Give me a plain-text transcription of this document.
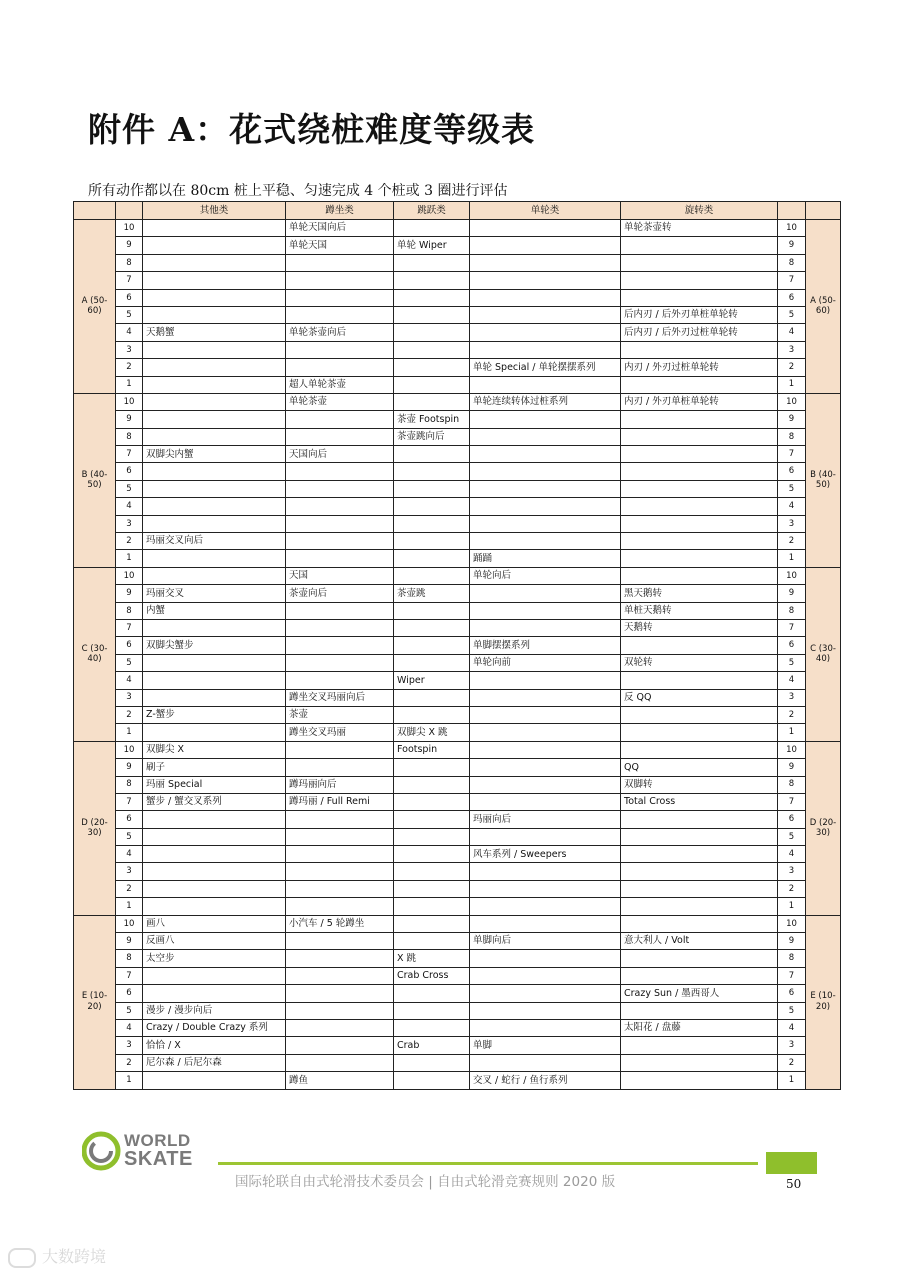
附件 A：花式绕桩难度等级表
所有动作都以在 80cm 桩上平稳、匀速完成 4 个桩或 3 圈进行评估
		其他类	蹲坐类	跳跃类	单轮类	旋转类		
A (50-60)	10		单轮天国向后			单轮茶壶转	10	A (50-60)
	9		单轮天国	单轮 Wiper			9	
	8						8	
	7						7	
	6						6	
	5					后内刃 / 后外刃单桩单轮转	5	
	4	天鹅蟹	单轮茶壶向后			后内刃 / 后外刃过桩单轮转	4	
	3						3	
	2				单轮 Special / 单轮摆摆系列	内刃 / 外刃过桩单轮转	2	
	1		超人单轮茶壶				1	
B (40-50)	10		单轮茶壶		单轮连续转体过桩系列	内刃 / 外刃单桩单轮转	10	B (40-50)
	9			茶壶 Footspin			9	
	8			茶壶跳向后			8	
	7	双脚尖内蟹	天国向后				7	
	6						6	
	5						5	
	4						4	
	3						3	
	2	玛丽交叉向后					2	
	1				踊踊		1	
C (30-40)	10		天国		单轮向后		10	C (30-40)
	9	玛丽交叉	茶壶向后	茶壶跳		黑天鹅转	9	
	8	内蟹				单桩天鹅转	8	
	7					天鹅转	7	
	6	双脚尖蟹步			单脚摆摆系列		6	
	5				单轮向前	双轮转	5	
	4			Wiper			4	
	3		蹲坐交叉玛丽向后			反 QQ	3	
	2	Z-蟹步	茶壶				2	
	1		蹲坐交叉玛丽	双脚尖 X 跳			1	
D (20-30)	10	双脚尖 X		Footspin			10	D (20-30)
	9	刷子				QQ	9	
	8	玛丽 Special	蹲玛丽向后			双脚转	8	
	7	蟹步 / 蟹交叉系列	蹲玛丽 / Full Remi			Total Cross	7	
	6				玛丽向后		6	
	5						5	
	4				风车系列 / Sweepers		4	
	3						3	
	2						2	
	1						1	
E (10-20)	10	画八	小汽车 / 5 轮蹲坐				10	E (10-20)
	9	反画八			单脚向后	意大利人 / Volt	9	
	8	太空步		X 跳			8	
	7			Crab Cross			7	
	6					Crazy Sun / 墨西哥人	6	
	5	漫步 / 漫步向后					5	
	4	Crazy / Double Crazy 系列				太阳花 / 盘藤	4	
	3	恰恰 / X		Crab	单脚		3	
	2	尼尔森 / 后尼尔森					2	
	1		蹲鱼		交叉 / 蛇行 / 鱼行系列		1	
WORLD
SKATE
国际轮联自由式轮滑技术委员会 | 自由式轮滑竞赛规则 2020 版	50
大数跨境
